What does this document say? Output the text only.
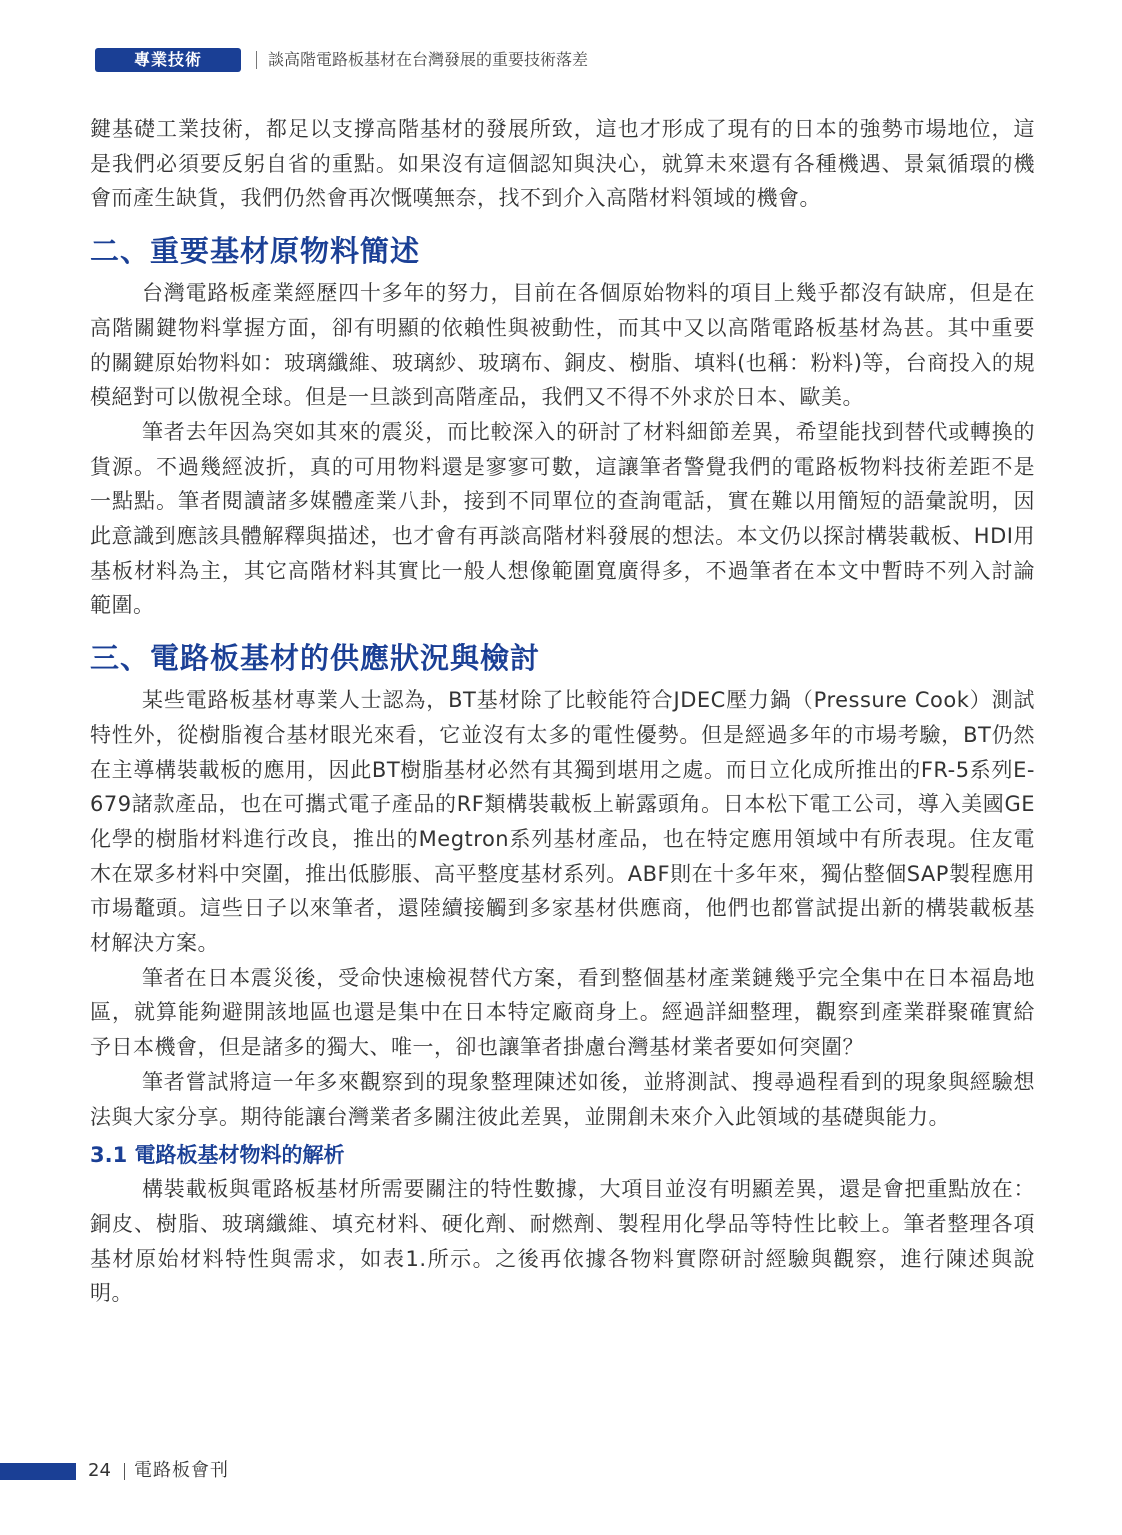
專業技術	談高階電路板基材在台灣發展的重要技術落差

鍵基礎工業技術，都足以支撐高階基材的發展所致，這也才形成了現有的日本的強勢市場地位，這是我們必須要反躬自省的重點。如果沒有這個認知與決心，就算未來還有各種機遇、景氣循環的機會而產生缺貨，我們仍然會再次慨嘆無奈，找不到介入高階材料領域的機會。

二、重要基材原物料簡述

台灣電路板產業經歷四十多年的努力，目前在各個原始物料的項目上幾乎都沒有缺席，但是在高階關鍵物料掌握方面，卻有明顯的依賴性與被動性，而其中又以高階電路板基材為甚。其中重要的關鍵原始物料如：玻璃纖維、玻璃紗、玻璃布、銅皮、樹脂、填料(也稱：粉料)等，台商投入的規模絕對可以傲視全球。但是一旦談到高階產品，我們又不得不外求於日本、歐美。

筆者去年因為突如其來的震災，而比較深入的研討了材料細節差異，希望能找到替代或轉換的貨源。不過幾經波折，真的可用物料還是寥寥可數，這讓筆者警覺我們的電路板物料技術差距不是一點點。筆者閱讀諸多媒體產業八卦，接到不同單位的查詢電話，實在難以用簡短的語彙說明，因此意識到應該具體解釋與描述，也才會有再談高階材料發展的想法。本文仍以探討構裝載板、HDI用基板材料為主，其它高階材料其實比一般人想像範圍寬廣得多，不過筆者在本文中暫時不列入討論範圍。

三、電路板基材的供應狀況與檢討

某些電路板基材專業人士認為，BT基材除了比較能符合JDEC壓力鍋（Pressure Cook）測試特性外，從樹脂複合基材眼光來看，它並沒有太多的電性優勢。但是經過多年的市場考驗，BT仍然在主導構裝載板的應用，因此BT樹脂基材必然有其獨到堪用之處。而日立化成所推出的FR-5系列E-679諸款產品，也在可攜式電子產品的RF類構裝載板上嶄露頭角。日本松下電工公司，導入美國GE化學的樹脂材料進行改良，推出的Megtron系列基材產品，也在特定應用領域中有所表現。住友電木在眾多材料中突圍，推出低膨脹、高平整度基材系列。ABF則在十多年來，獨佔整個SAP製程應用市場鼇頭。這些日子以來筆者，還陸續接觸到多家基材供應商，他們也都嘗試提出新的構裝載板基材解決方案。

筆者在日本震災後，受命快速檢視替代方案，看到整個基材產業鏈幾乎完全集中在日本福島地區，就算能夠避開該地區也還是集中在日本特定廠商身上。經過詳細整理，觀察到產業群聚確實給予日本機會，但是諸多的獨大、唯一，卻也讓筆者掛慮台灣基材業者要如何突圍？

筆者嘗試將這一年多來觀察到的現象整理陳述如後，並將測試、搜尋過程看到的現象與經驗想法與大家分享。期待能讓台灣業者多關注彼此差異，並開創未來介入此領域的基礎與能力。

3.1 電路板基材物料的解析

構裝載板與電路板基材所需要關注的特性數據，大項目並沒有明顯差異，還是會把重點放在：銅皮、樹脂、玻璃纖維、填充材料、硬化劑、耐燃劑、製程用化學品等特性比較上。筆者整理各項基材原始材料特性與需求，如表1.所示。之後再依據各物料實際研討經驗與觀察，進行陳述與說明。

24 電路板會刊
